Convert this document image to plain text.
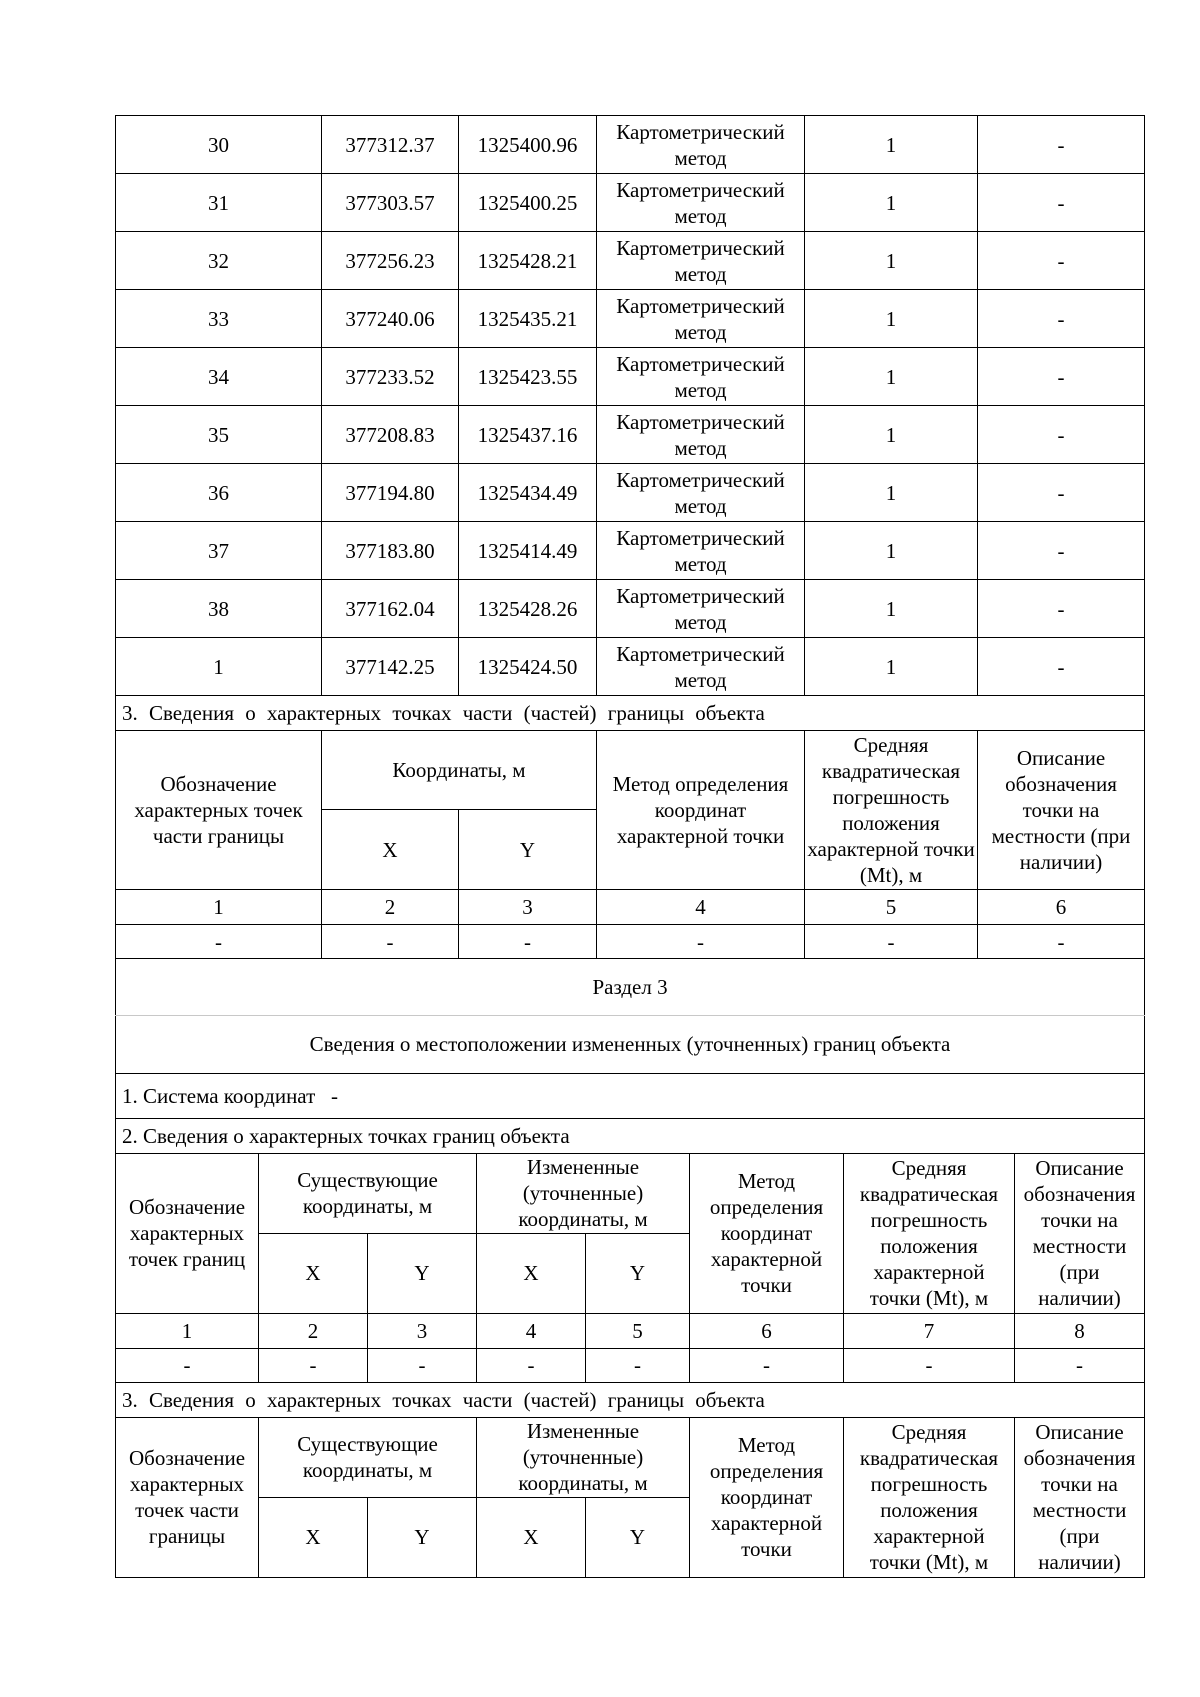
30	377312.37	1325400.96	Картометрический метод	1	-
31	377303.57	1325400.25	Картометрический метод	1	-
32	377256.23	1325428.21	Картометрический метод	1	-
33	377240.06	1325435.21	Картометрический метод	1	-
34	377233.52	1325423.55	Картометрический метод	1	-
35	377208.83	1325437.16	Картометрический метод	1	-
36	377194.80	1325434.49	Картометрический метод	1	-
37	377183.80	1325414.49	Картометрический метод	1	-
38	377162.04	1325428.26	Картометрический метод	1	-
1	377142.25	1325424.50	Картометрический метод	1	-
3. Сведения о характерных точках части (частей) границы объекта					
Обозначение характерных точек части границы	Координаты, м		Метод определения координат характерной точки	Средняя квадратическая погрешность положения характерной точки (Mt), м	Описание обозначения точки на местности (при наличии)
	X	Y			
1	2	3	4	5	6
-	-	-	-	-	-
Раздел 3							
Сведения о местоположении измененных (уточненных) границ объекта							
1. Система координат -							
2. Сведения о характерных точках границ объекта							
Обозначение характерных точек границ	Существующие координаты, м		Измененные (уточненные) координаты, м		Метод определения координат характерной точки	Средняя квадратическая погрешность положения характерной точки (Mt), м	Описание обозначения точки на местности (при наличии)
	X	Y	X	Y			
1	2	3	4	5	6	7	8
-	-	-	-	-	-	-	-
3. Сведения о характерных точках части (частей) границы объекта							
Обозначение характерных точек части границы	Существующие координаты, м		Измененные (уточненные) координаты, м		Метод определения координат характерной точки	Средняя квадратическая погрешность положения характерной точки (Mt), м	Описание обозначения точки на местности (при наличии)
	X	Y	X	Y			
